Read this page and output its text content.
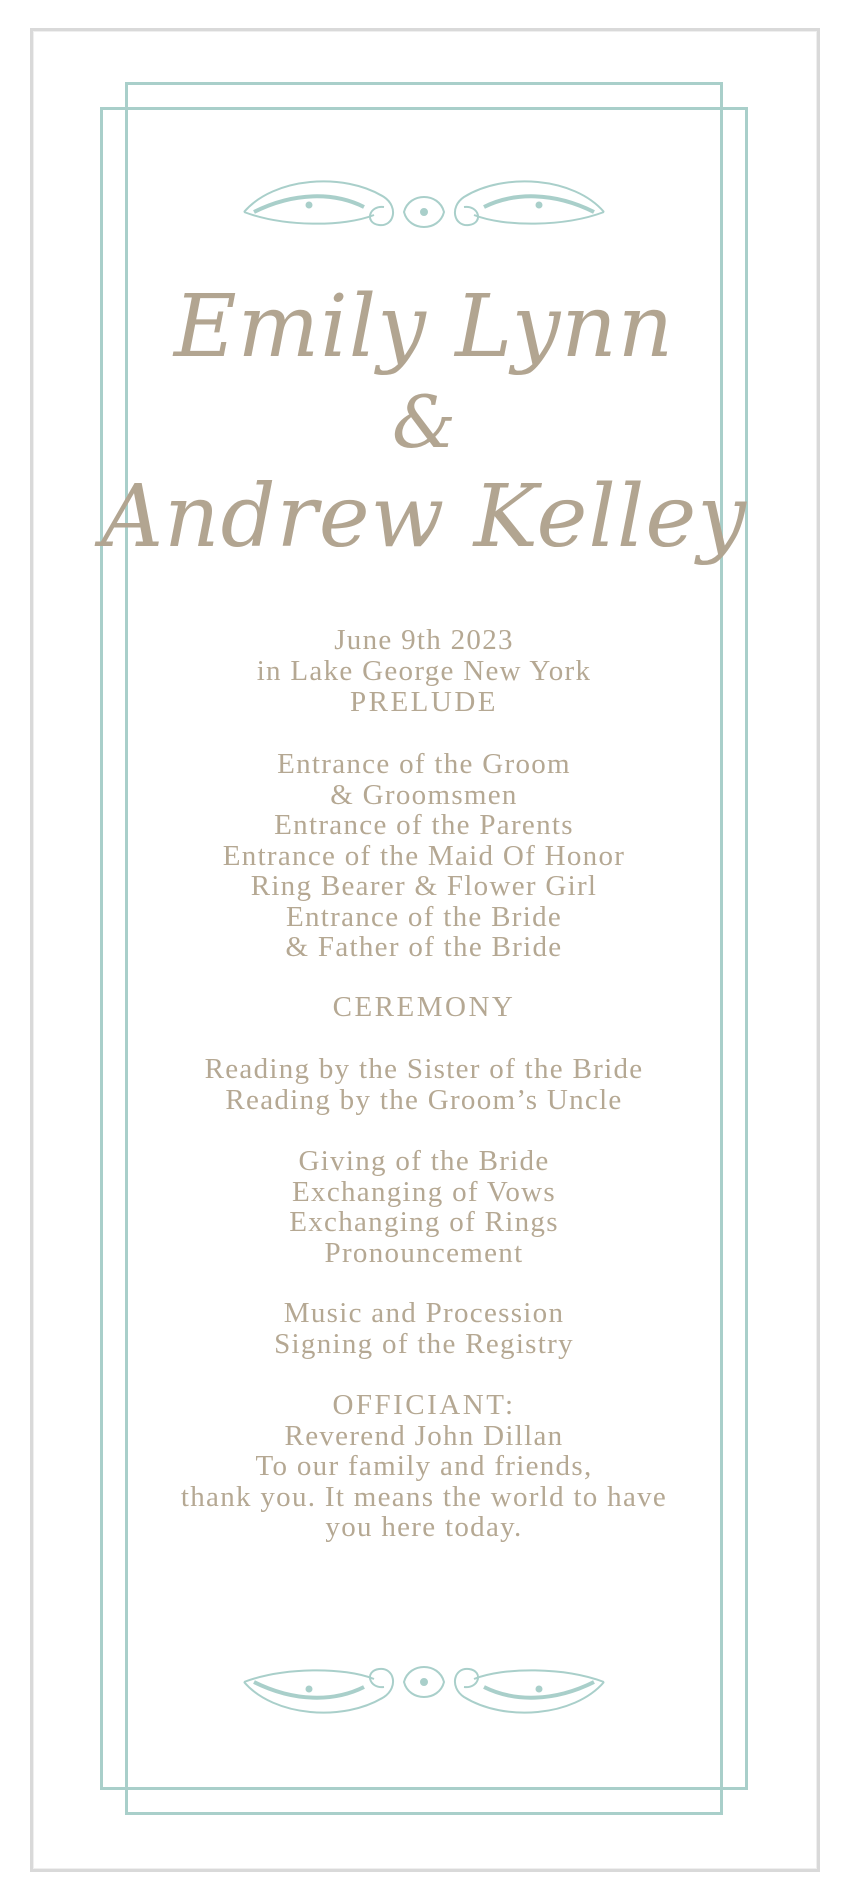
Emily Lynn
&
Andrew Kelley
June 9th 2023
in Lake George New York
PRELUDE
Entrance of the Groom
& Groomsmen
Entrance of the Parents
Entrance of the Maid Of Honor
Ring Bearer & Flower Girl
Entrance of the Bride
& Father of the Bride
CEREMONY
Reading by the Sister of the Bride
Reading by the Groom’s Uncle
Giving of the Bride
Exchanging of Vows
Exchanging of Rings
Pronouncement
Music and Procession
Signing of the Registry
OFFICIANT:
Reverend John Dillan
To our family and friends,
thank you. It means the world to have
you here today.
